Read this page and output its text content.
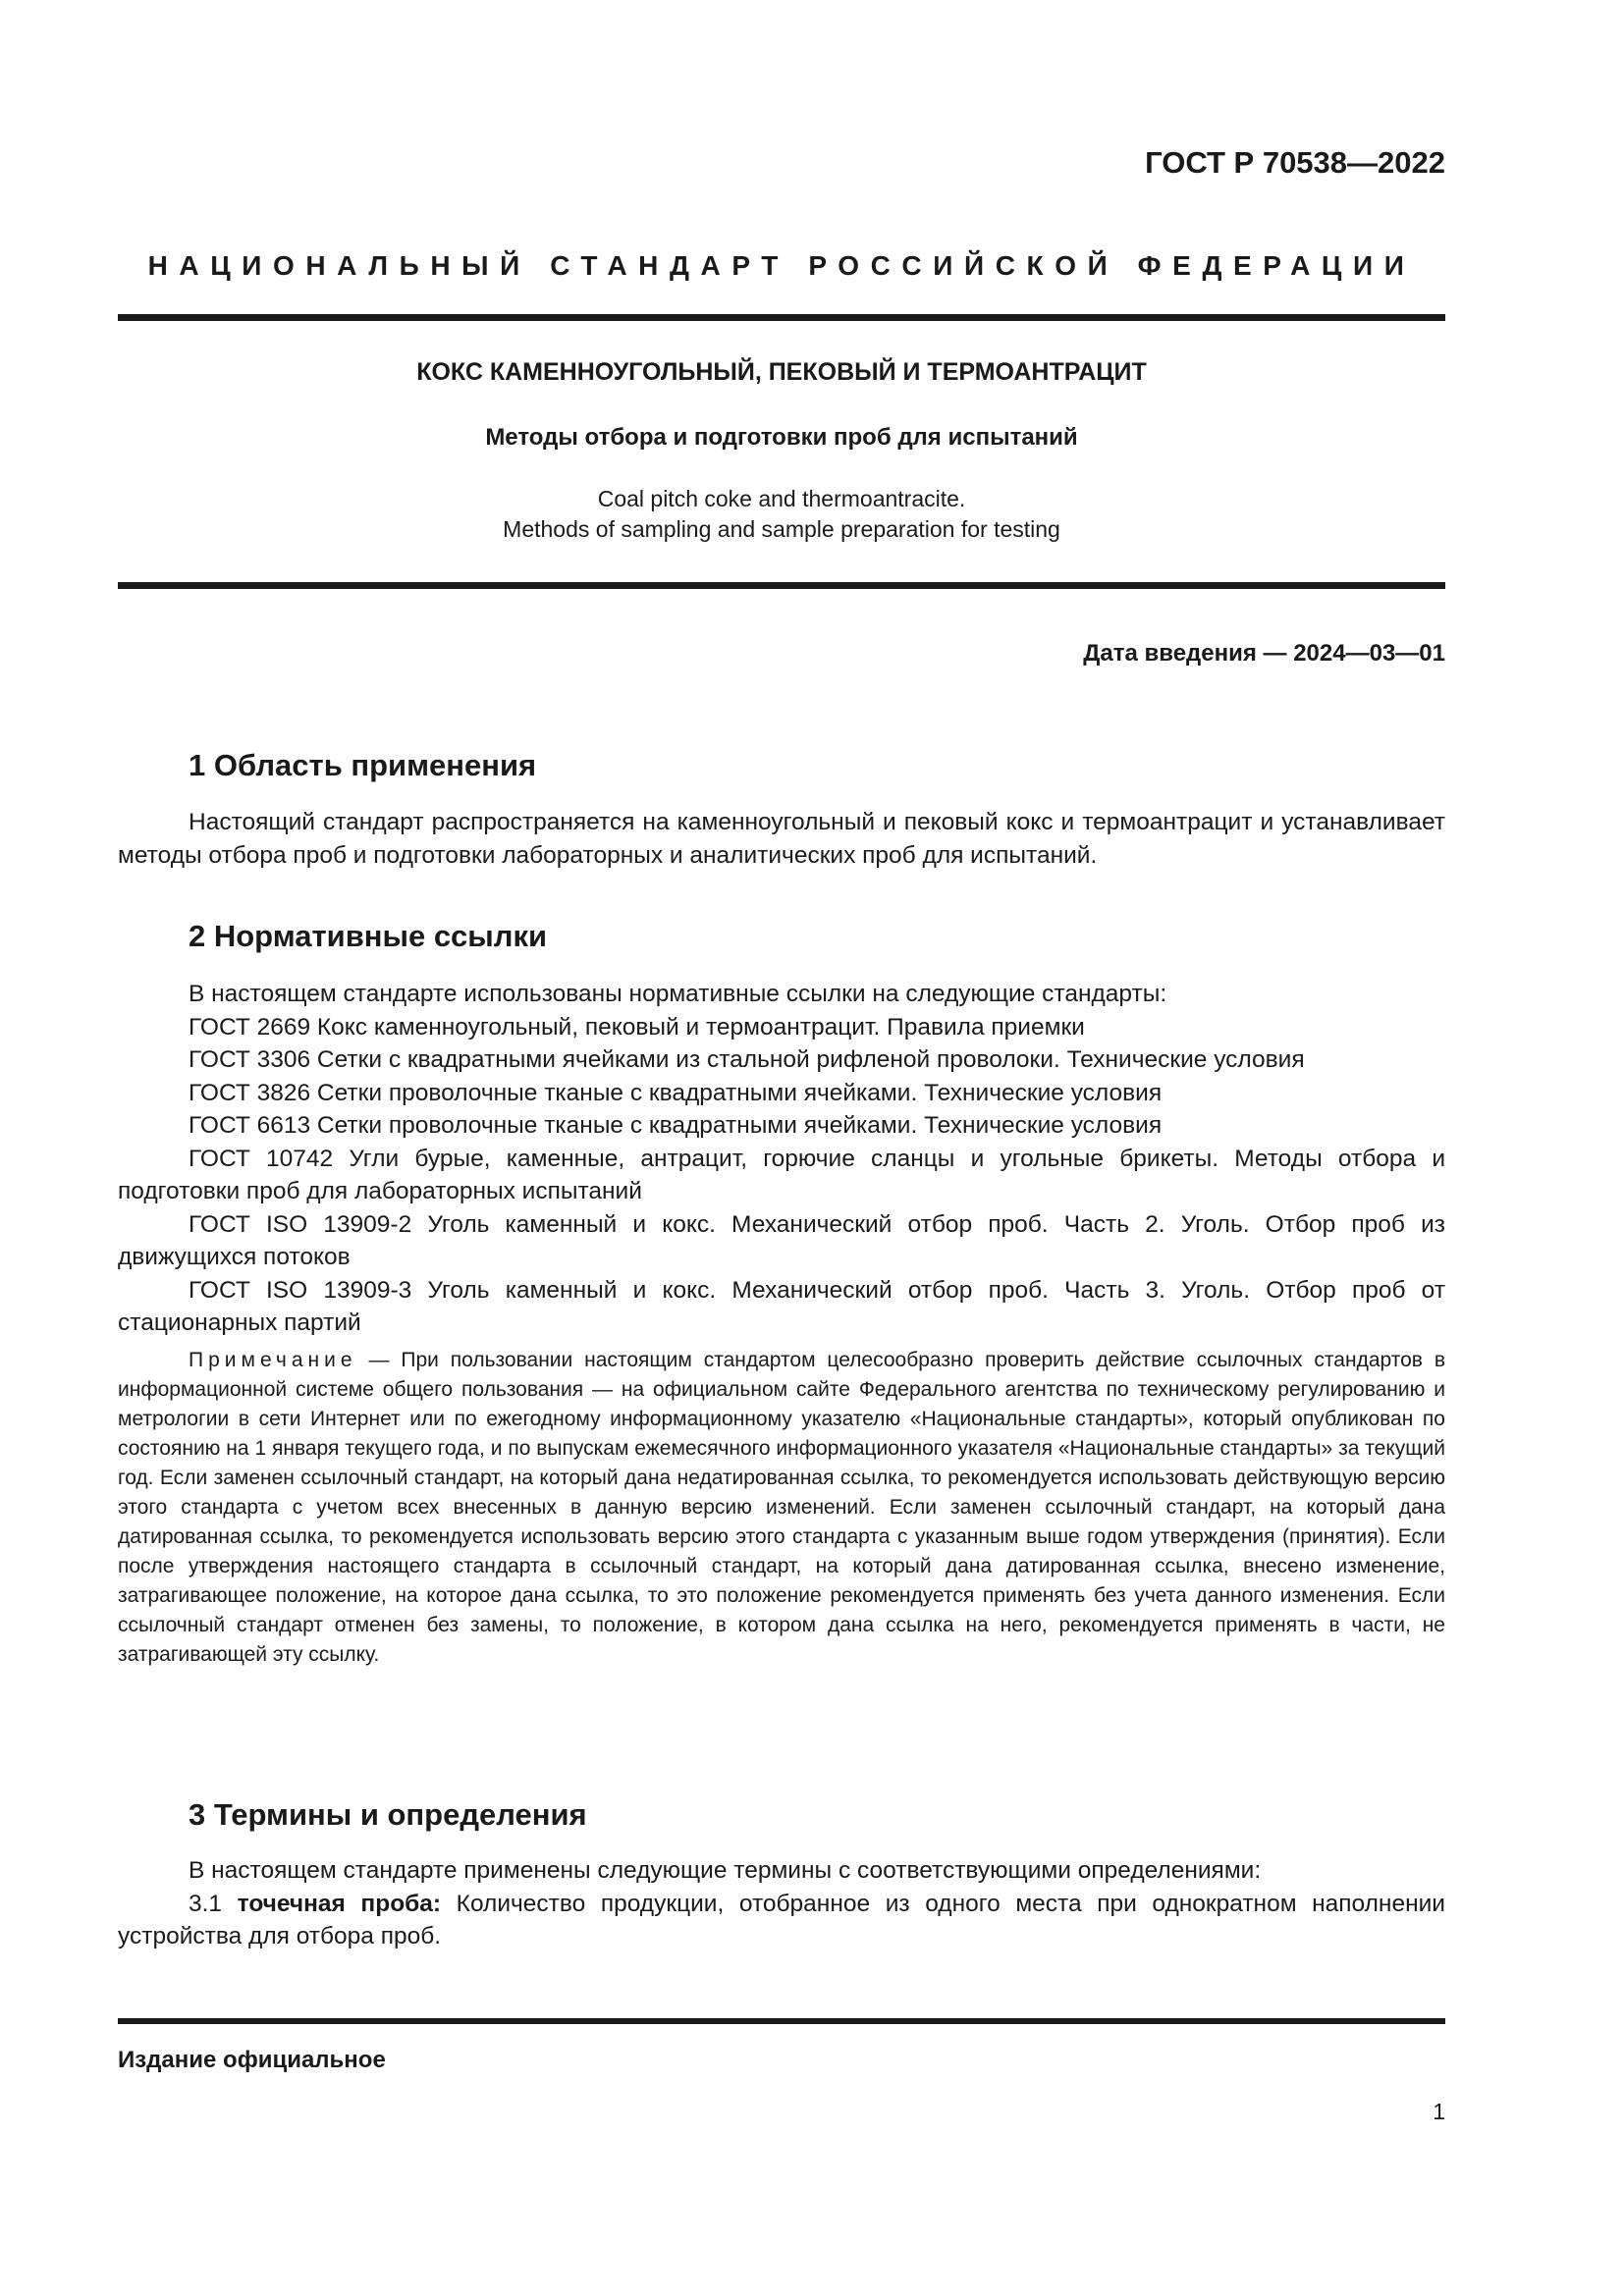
ГОСТ Р 70538—2022
НАЦИОНАЛЬНЫЙ СТАНДАРТ РОССИЙСКОЙ ФЕДЕРАЦИИ
КОКС КАМЕННОУГОЛЬНЫЙ, ПЕКОВЫЙ И ТЕРМОАНТРАЦИТ
Методы отбора и подготовки проб для испытаний
Coal pitch coke and thermoantracite.
Methods of sampling and sample preparation for testing
Дата введения — 2024—03—01
1 Область применения

Настоящий стандарт распространяется на каменноугольный и пековый кокс и термоантрацит и устанавливает методы отбора проб и подготовки лабораторных и аналитических проб для испытаний.

2 Нормативные ссылки

В настоящем стандарте использованы нормативные ссылки на следующие стандарты:

ГОСТ 2669 Кокс каменноугольный, пековый и термоантрацит. Правила приемки

ГОСТ 3306 Сетки с квадратными ячейками из стальной рифленой проволоки. Технические условия

ГОСТ 3826 Сетки проволочные тканые с квадратными ячейками. Технические условия

ГОСТ 6613 Сетки проволочные тканые с квадратными ячейками. Технические условия

ГОСТ 10742 Угли бурые, каменные, антрацит, горючие сланцы и угольные брикеты. Методы отбора и подготовки проб для лабораторных испытаний

ГОСТ ISO 13909-2 Уголь каменный и кокс. Механический отбор проб. Часть 2. Уголь. Отбор проб из движущихся потоков

ГОСТ ISO 13909-3 Уголь каменный и кокс. Механический отбор проб. Часть 3. Уголь. Отбор проб от стационарных партий

Примечание — При пользовании настоящим стандартом целесообразно проверить действие ссылочных стандартов в информационной системе общего пользования — на официальном сайте Федерального агентства по техническому регулированию и метрологии в сети Интернет или по ежегодному информационному указателю «Национальные стандарты», который опубликован по состоянию на 1 января текущего года, и по выпускам ежемесячного информационного указателя «Национальные стандарты» за текущий год. Если заменен ссылочный стандарт, на который дана недатированная ссылка, то рекомендуется использовать действующую версию этого стандарта с учетом всех внесенных в данную версию изменений. Если заменен ссылочный стандарт, на который дана датированная ссылка, то рекомендуется использовать версию этого стандарта с указанным выше годом утверждения (принятия). Если после утверждения настоящего стандарта в ссылочный стандарт, на который дана датированная ссылка, внесено изменение, затрагивающее положение, на которое дана ссылка, то это положение рекомендуется применять без учета данного изменения. Если ссылочный стандарт отменен без замены, то положение, в котором дана ссылка на него, рекомендуется применять в части, не затрагивающей эту ссылку.

3 Термины и определения

В настоящем стандарте применены следующие термины с соответствующими определениями:

3.1 точечная проба: Количество продукции, отобранное из одного места при однократном наполнении устройства для отбора проб.

Издание официальное
1
